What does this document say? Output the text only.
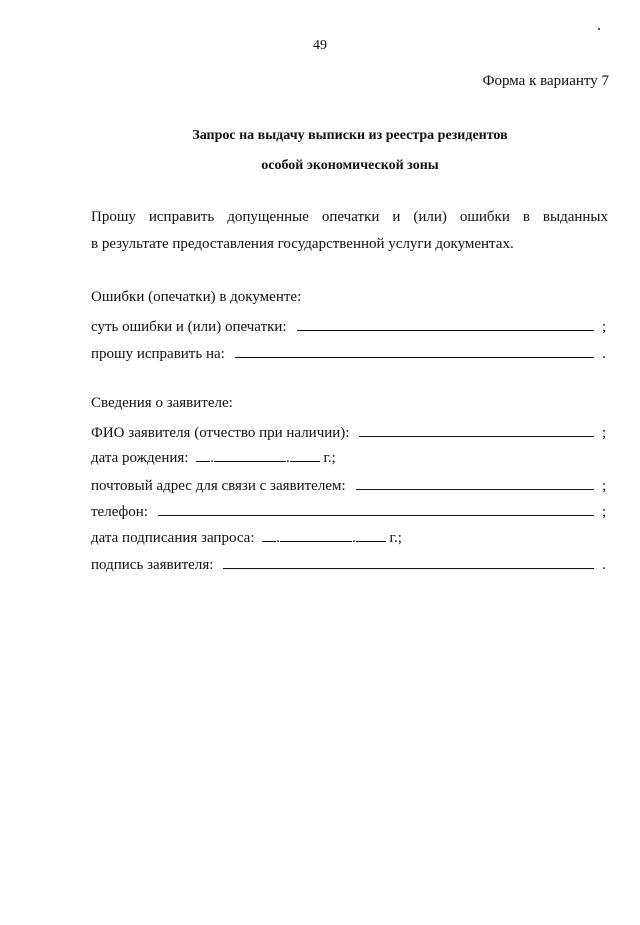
49
Форма к варианту 7
Запрос на выдачу выписки из реестра резидентов
особой экономической зоны
Прошу исправить допущенные опечатки и (или) ошибки в выданных
в результате предоставления государственной услуги документах.
Ошибки (опечатки) в документе:
суть ошибки и (или) опечатки:	;
прошу исправить на:	.
Сведения о заявителе:
ФИО заявителя (отчество при наличии):	;
дата рождения: .	. г.;
почтовый адрес для связи с заявителем:	;
телефон:	;
дата подписания запроса: .	. г.;
подпись заявителя:	.
